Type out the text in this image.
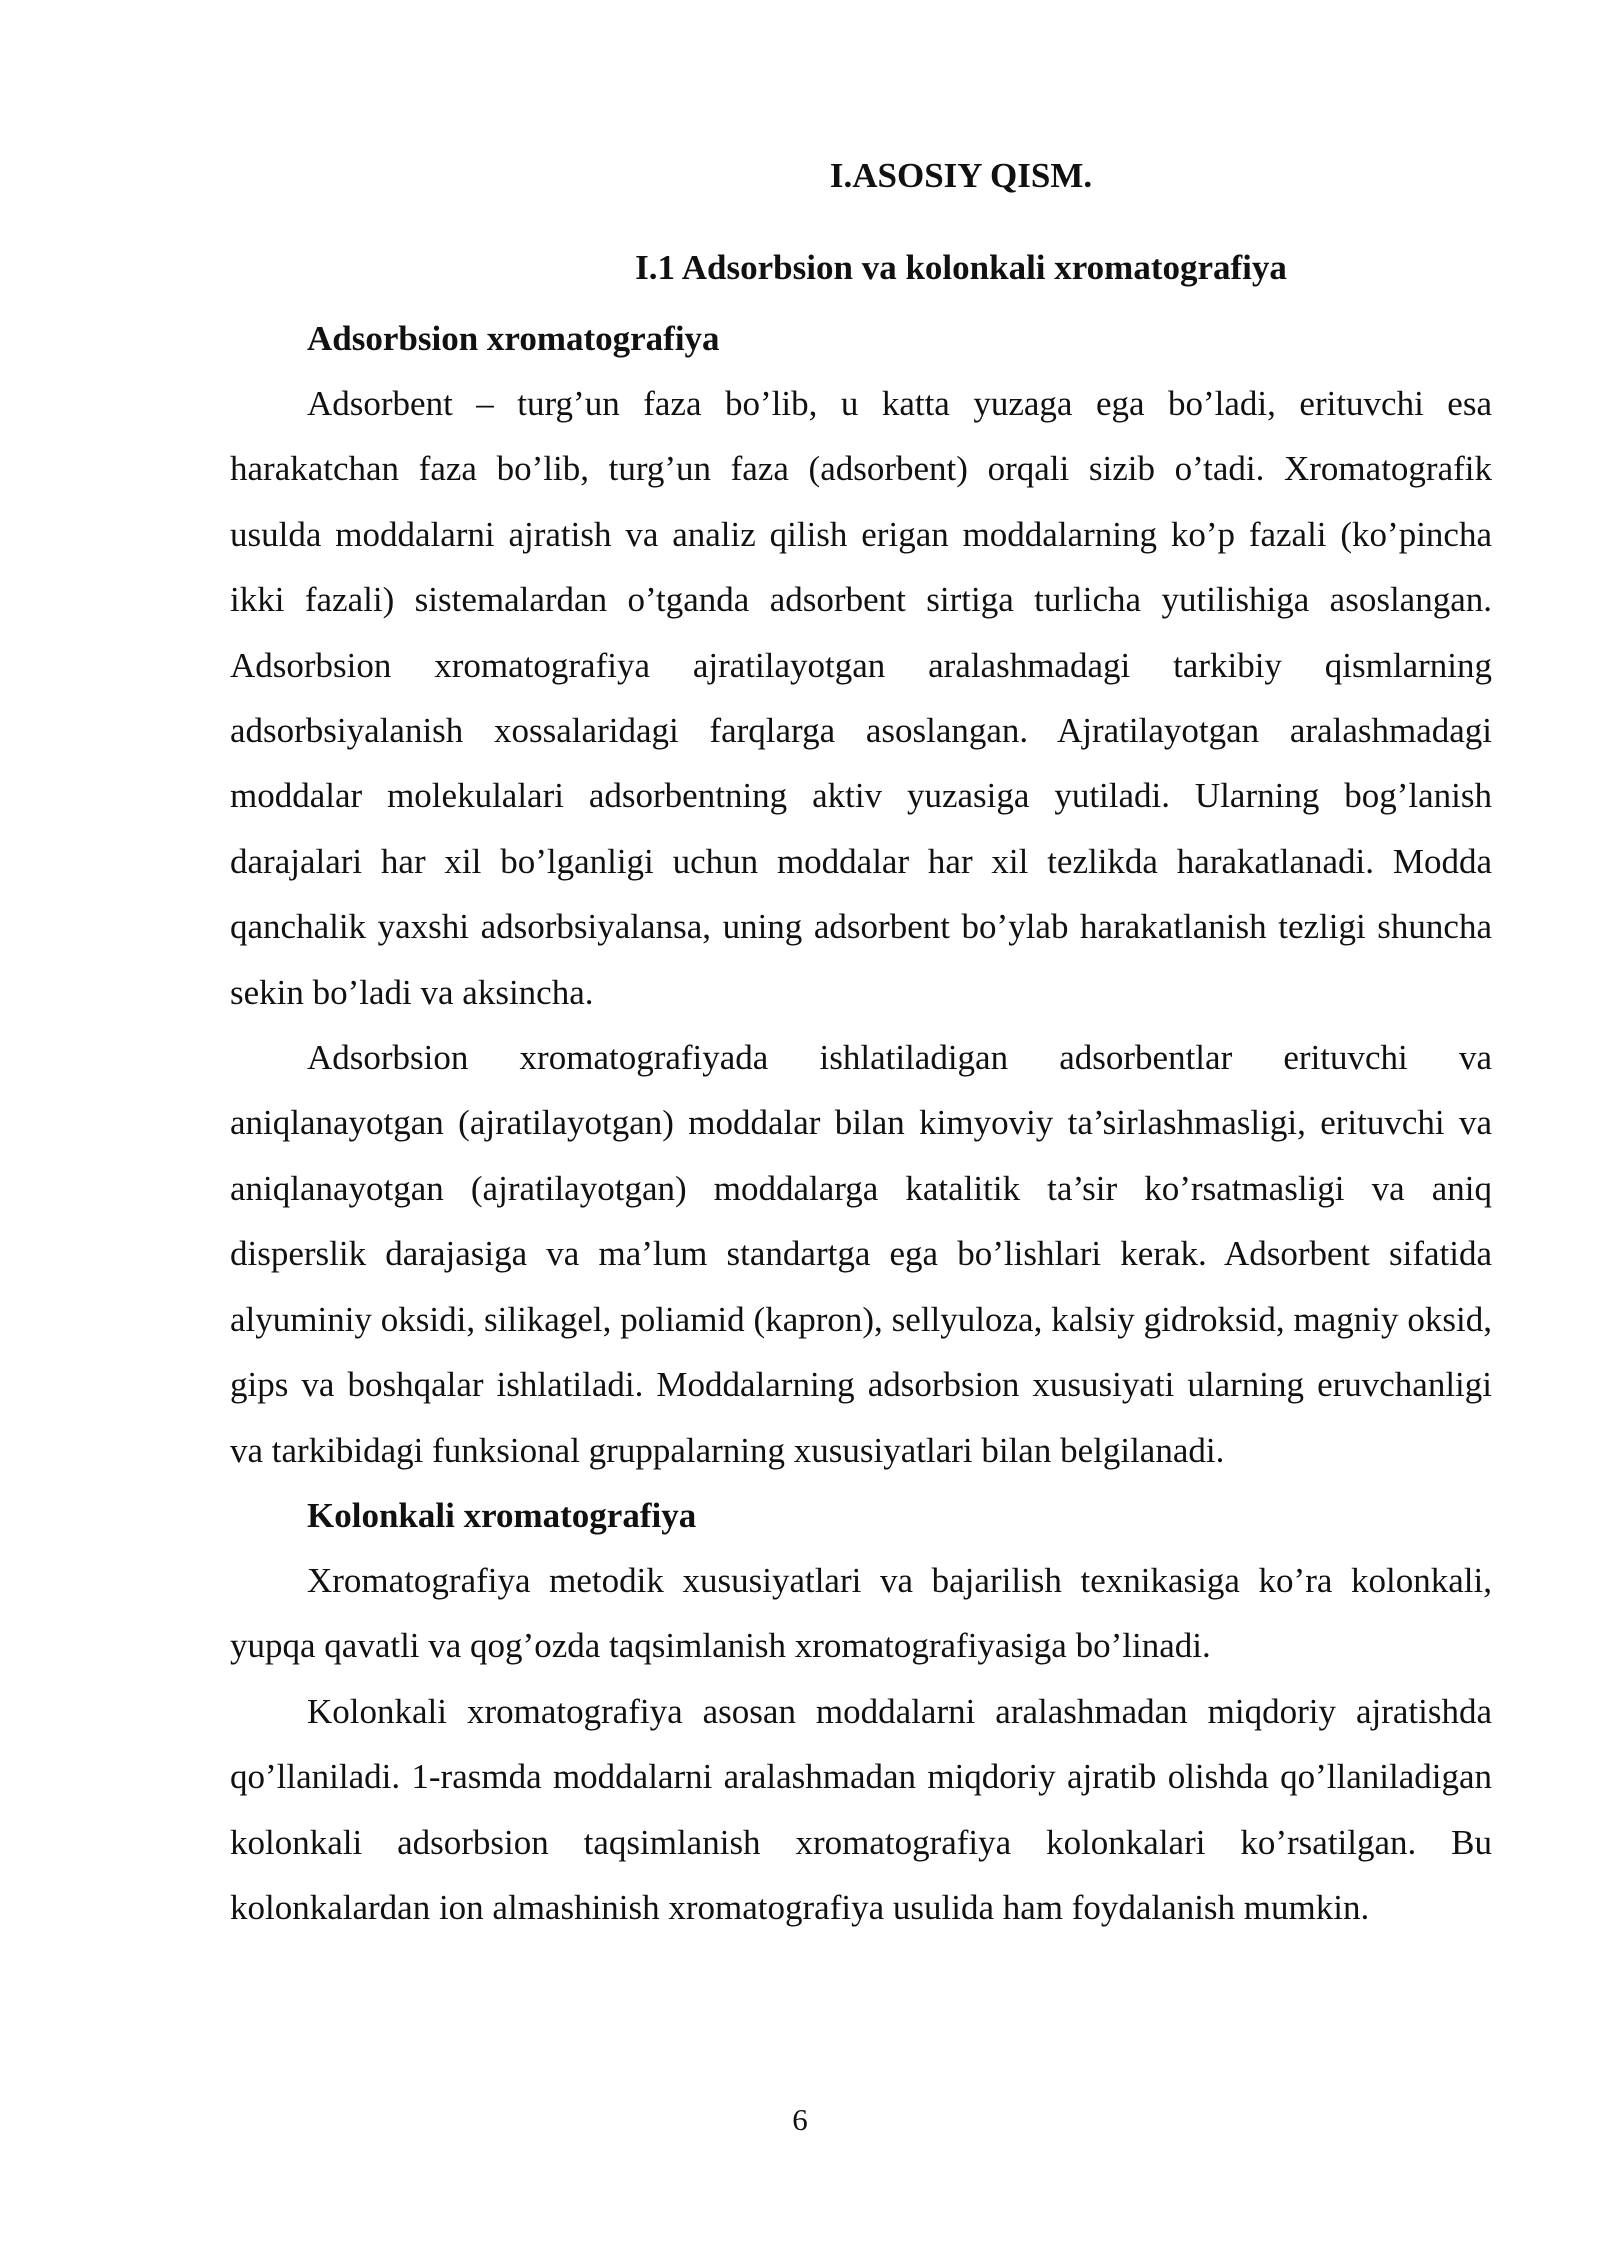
I.ASOSIY QISM.
I.1 Adsorbsion va kolonkali xromatografiya
Adsorbsion xromatografiya

Adsorbent – turg’un faza bo’lib, u katta yuzaga ega bo’ladi, erituvchi esa harakatchan faza bo’lib, turg’un faza (adsorbent) orqali sizib o’tadi. Xromatografik usulda moddalarni ajratish va analiz qilish erigan moddalarning ko’p fazali (ko’pincha ikki fazali) sistemalardan o’tganda adsorbent sirtiga turlicha yutilishiga asoslangan. Adsorbsion xromatografiya ajratilayotgan aralashmadagi tarkibiy qismlarning adsorbsiyalanish xossalaridagi farqlarga asoslangan. Ajratilayotgan aralashmadagi moddalar molekulalari adsorbentning aktiv yuzasiga yutiladi. Ularning bog’lanish darajalari har xil bo’lganligi uchun moddalar har xil tezlikda harakatlanadi. Modda qanchalik yaxshi adsorbsiyalansa, uning adsorbent bo’ylab harakatlanish tezligi shuncha sekin bo’ladi va aksincha.

Adsorbsion xromatografiyada ishlatiladigan adsorbentlar erituvchi va aniqlanayotgan (ajratilayotgan) moddalar bilan kimyoviy ta’sirlashmasligi, erituvchi va aniqlanayotgan (ajratilayotgan) moddalarga katalitik ta’sir ko’rsatmasligi va aniq disperslik darajasiga va ma’lum standartga ega bo’lishlari kerak. Adsorbent sifatida alyuminiy oksidi, silikagel, poliamid (kapron), sellyuloza, kalsiy gidroksid, magniy oksid, gips va boshqalar ishlatiladi. Moddalarning adsorbsion xususiyati ularning eruvchanligi va tarkibidagi funksional gruppalarning xususiyatlari bilan belgilanadi.

Kolonkali xromatografiya

Xromatografiya metodik xususiyatlari va bajarilish texnikasiga ko’ra kolonkali, yupqa qavatli va qog’ozda taqsimlanish xromatografiyasiga bo’linadi.

Kolonkali xromatografiya asosan moddalarni aralashmadan miqdoriy ajratishda qo’llaniladi. 1-rasmda moddalarni aralashmadan miqdoriy ajratib olishda qo’llaniladigan kolonkali adsorbsion taqsimlanish xromatografiya kolonkalari ko’rsatilgan. Bu kolonkalardan ion almashinish xromatografiya usulida ham foydalanish mumkin.

6
